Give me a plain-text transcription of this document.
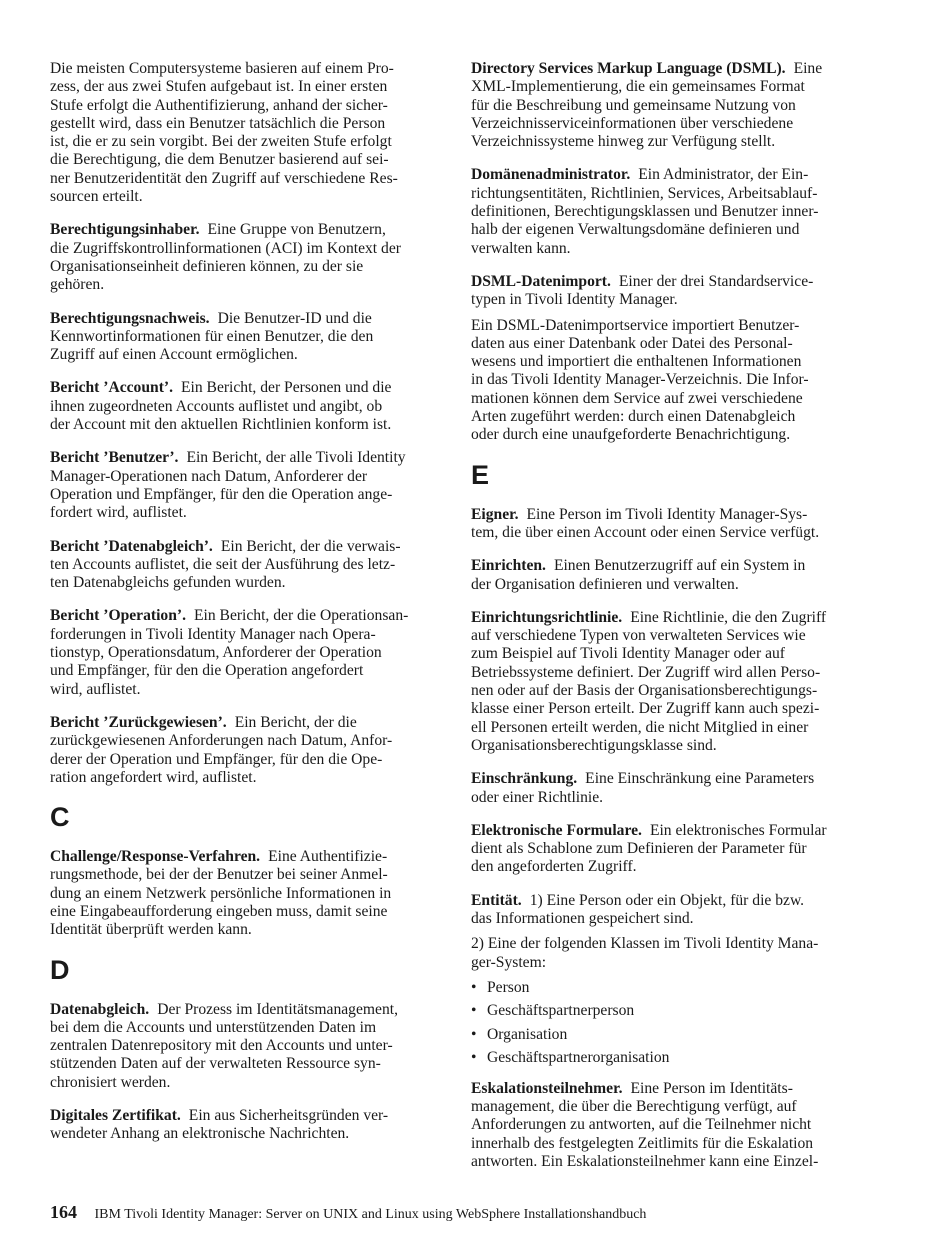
Die meisten Computersysteme basieren auf einem Pro-
zess, der aus zwei Stufen aufgebaut ist. In einer ersten
Stufe erfolgt die Authentifizierung, anhand der sicher-
gestellt wird, dass ein Benutzer tatsächlich die Person
ist, die er zu sein vorgibt. Bei der zweiten Stufe erfolgt
die Berechtigung, die dem Benutzer basierend auf sei-
ner Benutzeridentität den Zugriff auf verschiedene Res-
sourcen erteilt.

Berechtigungsinhaber. Eine Gruppe von Benutzern,
die Zugriffskontrollinformationen (ACI) im Kontext der
Organisationseinheit definieren können, zu der sie
gehören.

Berechtigungsnachweis. Die Benutzer-ID und die
Kennwortinformationen für einen Benutzer, die den
Zugriff auf einen Account ermöglichen.

Bericht ’Account’. Ein Bericht, der Personen und die
ihnen zugeordneten Accounts auflistet und angibt, ob
der Account mit den aktuellen Richtlinien konform ist.

Bericht ’Benutzer’. Ein Bericht, der alle Tivoli Identity
Manager-Operationen nach Datum, Anforderer der
Operation und Empfänger, für den die Operation ange-
fordert wird, auflistet.

Bericht ’Datenabgleich’. Ein Bericht, der die verwais-
ten Accounts auflistet, die seit der Ausführung des letz-
ten Datenabgleichs gefunden wurden.

Bericht ’Operation’. Ein Bericht, der die Operationsan-
forderungen in Tivoli Identity Manager nach Opera-
tionstyp, Operationsdatum, Anforderer der Operation
und Empfänger, für den die Operation angefordert
wird, auflistet.

Bericht ’Zurückgewiesen’. Ein Bericht, der die
zurückgewiesenen Anforderungen nach Datum, Anfor-
derer der Operation und Empfänger, für den die Ope-
ration angefordert wird, auflistet.

C

Challenge/Response-Verfahren. Eine Authentifizie-
rungsmethode, bei der der Benutzer bei seiner Anmel-
dung an einem Netzwerk persönliche Informationen in
eine Eingabeaufforderung eingeben muss, damit seine
Identität überprüft werden kann.

D

Datenabgleich. Der Prozess im Identitätsmanagement,
bei dem die Accounts und unterstützenden Daten im
zentralen Datenrepository mit den Accounts und unter-
stützenden Daten auf der verwalteten Ressource syn-
chronisiert werden.

Digitales Zertifikat. Ein aus Sicherheitsgründen ver-
wendeter Anhang an elektronische Nachrichten.

Directory Services Markup Language (DSML). Eine
XML-Implementierung, die ein gemeinsames Format
für die Beschreibung und gemeinsame Nutzung von
Verzeichnisserviceinformationen über verschiedene
Verzeichnissysteme hinweg zur Verfügung stellt.

Domänenadministrator. Ein Administrator, der Ein-
richtungsentitäten, Richtlinien, Services, Arbeitsablauf-
definitionen, Berechtigungsklassen und Benutzer inner-
halb der eigenen Verwaltungsdomäne definieren und
verwalten kann.

DSML-Datenimport. Einer der drei Standardservice-
typen in Tivoli Identity Manager.

Ein DSML-Datenimportservice importiert Benutzer-
daten aus einer Datenbank oder Datei des Personal-
wesens und importiert die enthaltenen Informationen
in das Tivoli Identity Manager-Verzeichnis. Die Infor-
mationen können dem Service auf zwei verschiedene
Arten zugeführt werden: durch einen Datenabgleich
oder durch eine unaufgeforderte Benachrichtigung.

E

Eigner. Eine Person im Tivoli Identity Manager-Sys-
tem, die über einen Account oder einen Service verfügt.

Einrichten. Einen Benutzerzugriff auf ein System in
der Organisation definieren und verwalten.

Einrichtungsrichtlinie. Eine Richtlinie, die den Zugriff
auf verschiedene Typen von verwalteten Services wie
zum Beispiel auf Tivoli Identity Manager oder auf
Betriebssysteme definiert. Der Zugriff wird allen Perso-
nen oder auf der Basis der Organisationsberechtigungs-
klasse einer Person erteilt. Der Zugriff kann auch spezi-
ell Personen erteilt werden, die nicht Mitglied in einer
Organisationsberechtigungsklasse sind.

Einschränkung. Eine Einschränkung eine Parameters
oder einer Richtlinie.

Elektronische Formulare. Ein elektronisches Formular
dient als Schablone zum Definieren der Parameter für
den angeforderten Zugriff.

Entität. 1) Eine Person oder ein Objekt, für die bzw.
das Informationen gespeichert sind.

2) Eine der folgenden Klassen im Tivoli Identity Mana-
ger-System:

• Person
• Geschäftspartnerperson
• Organisation
• Geschäftspartnerorganisation

Eskalationsteilnehmer. Eine Person im Identitäts-
management, die über die Berechtigung verfügt, auf
Anforderungen zu antworten, auf die Teilnehmer nicht
innerhalb des festgelegten Zeitlimits für die Eskalation
antworten. Ein Eskalationsteilnehmer kann eine Einzel-

164 IBM Tivoli Identity Manager: Server on UNIX and Linux using WebSphere Installationshandbuch
